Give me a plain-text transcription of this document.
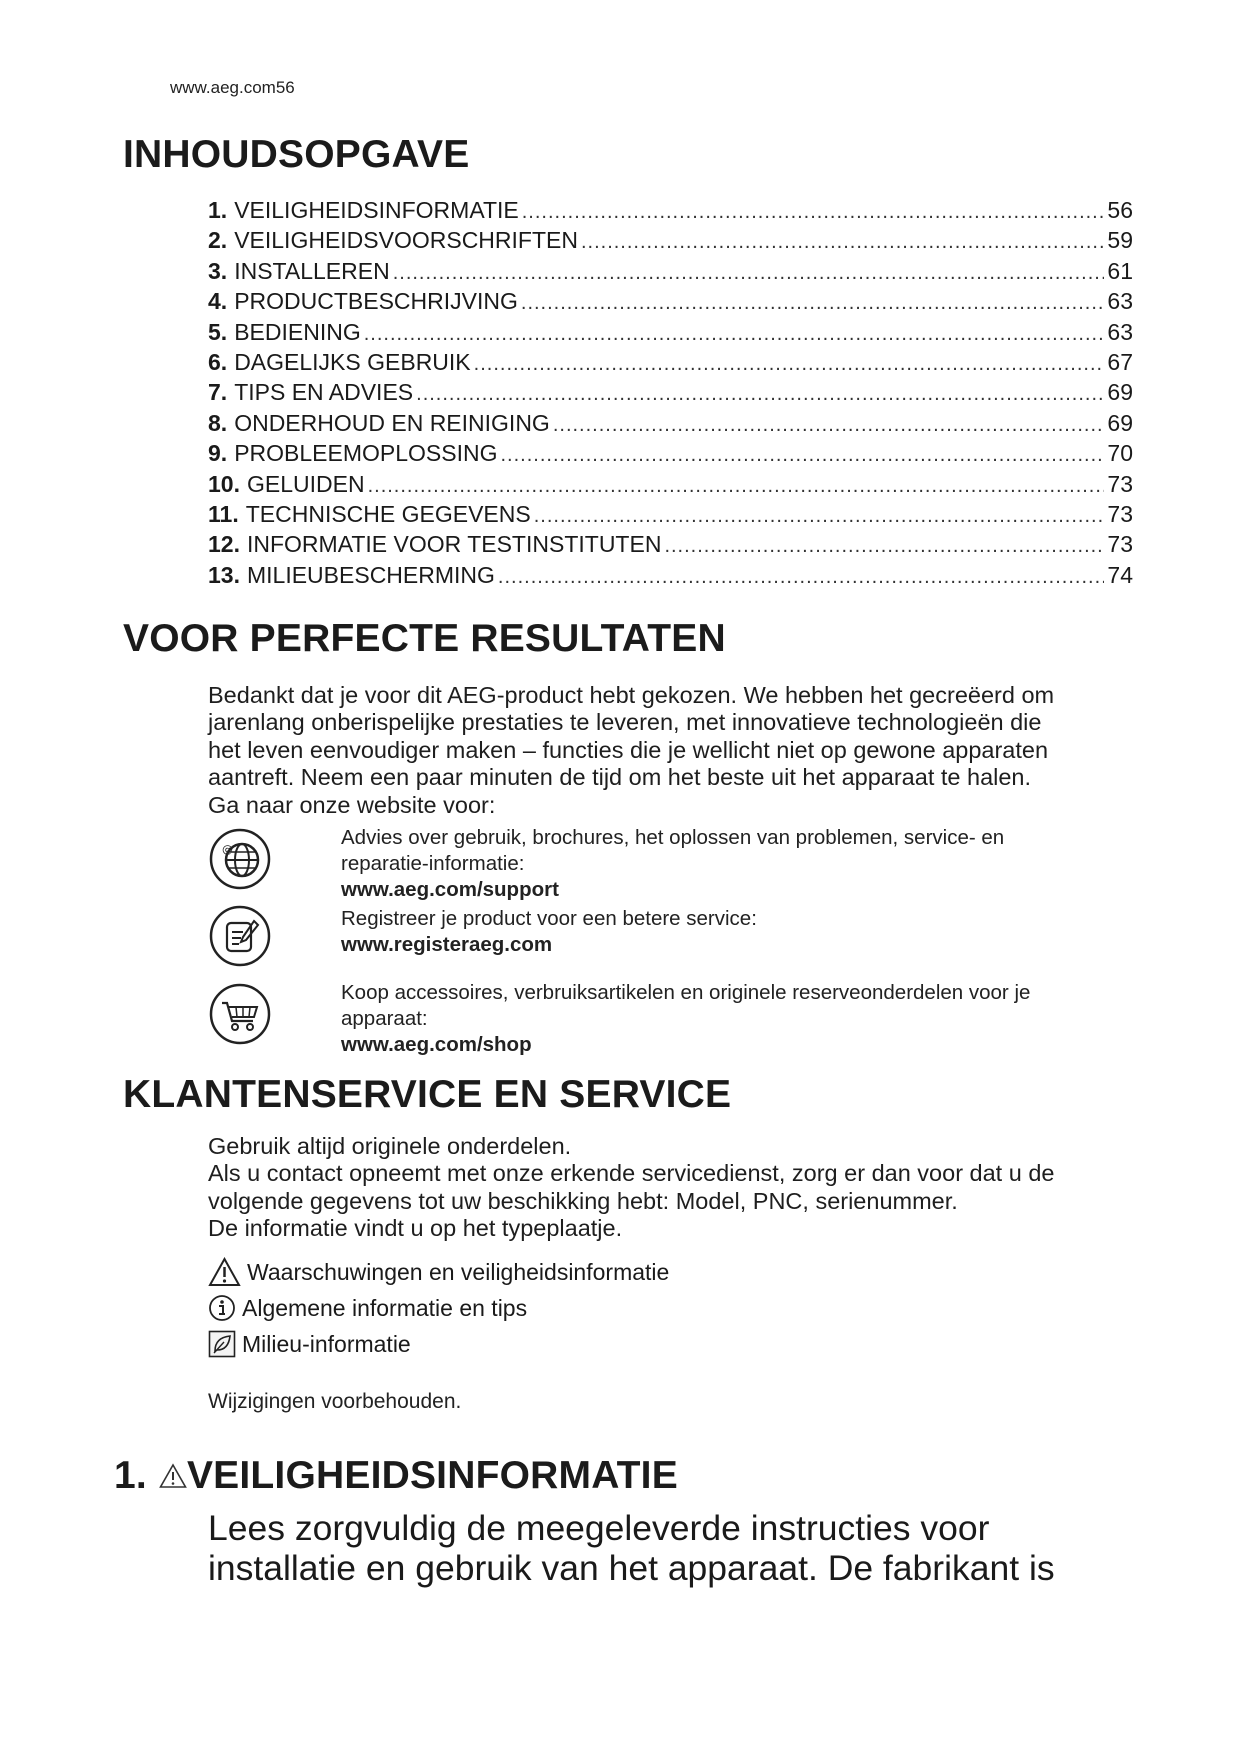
www.aeg.com56
INHOUDSOPGAVE
1. VEILIGHEIDSINFORMATIE .....	56
2. VEILIGHEIDSVOORSCHRIFTEN .....	59
3. INSTALLEREN .....	61
4. PRODUCTBESCHRIJVING .....	63
5. BEDIENING .....	63
6. DAGELIJKS GEBRUIK .....	67
7. TIPS EN ADVIES .....	69
8. ONDERHOUD EN REINIGING .....	69
9. PROBLEEMOPLOSSING .....	70
10. GELUIDEN .....	73
11. TECHNISCHE GEGEVENS .....	73
12. INFORMATIE VOOR TESTINSTITUTEN .....	73
13. MILIEUBESCHERMING .....	74
VOOR PERFECTE RESULTATEN
Bedankt dat je voor dit AEG-product hebt gekozen. We hebben het gecreëerd om
jarenlang onberispelijke prestaties te leveren, met innovatieve technologieën die
het leven eenvoudiger maken – functies die je wellicht niet op gewone apparaten
aantreft. Neem een paar minuten de tijd om het beste uit het apparaat te halen.
Ga naar onze website voor:
@
Advies over gebruik, brochures, het oplossen van problemen, service- en
reparatie-informatie:
www.aeg.com/support
Registreer je product voor een betere service:
www.registeraeg.com
Koop accessoires, verbruiksartikelen en originele reserveonderdelen voor je
apparaat:
www.aeg.com/shop
KLANTENSERVICE EN SERVICE
Gebruik altijd originele onderdelen.
Als u contact opneemt met onze erkende servicedienst, zorg er dan voor dat u de
volgende gegevens tot uw beschikking hebt: Model, PNC, serienummer.
De informatie vindt u op het typeplaatje.
Waarschuwingen en veiligheidsinformatie
Algemene informatie en tips
Milieu-informatie
Wijzigingen voorbehouden.
1. VEILIGHEIDSINFORMATIE
Lees zorgvuldig de meegeleverde instructies voor
installatie en gebruik van het apparaat. De fabrikant is
